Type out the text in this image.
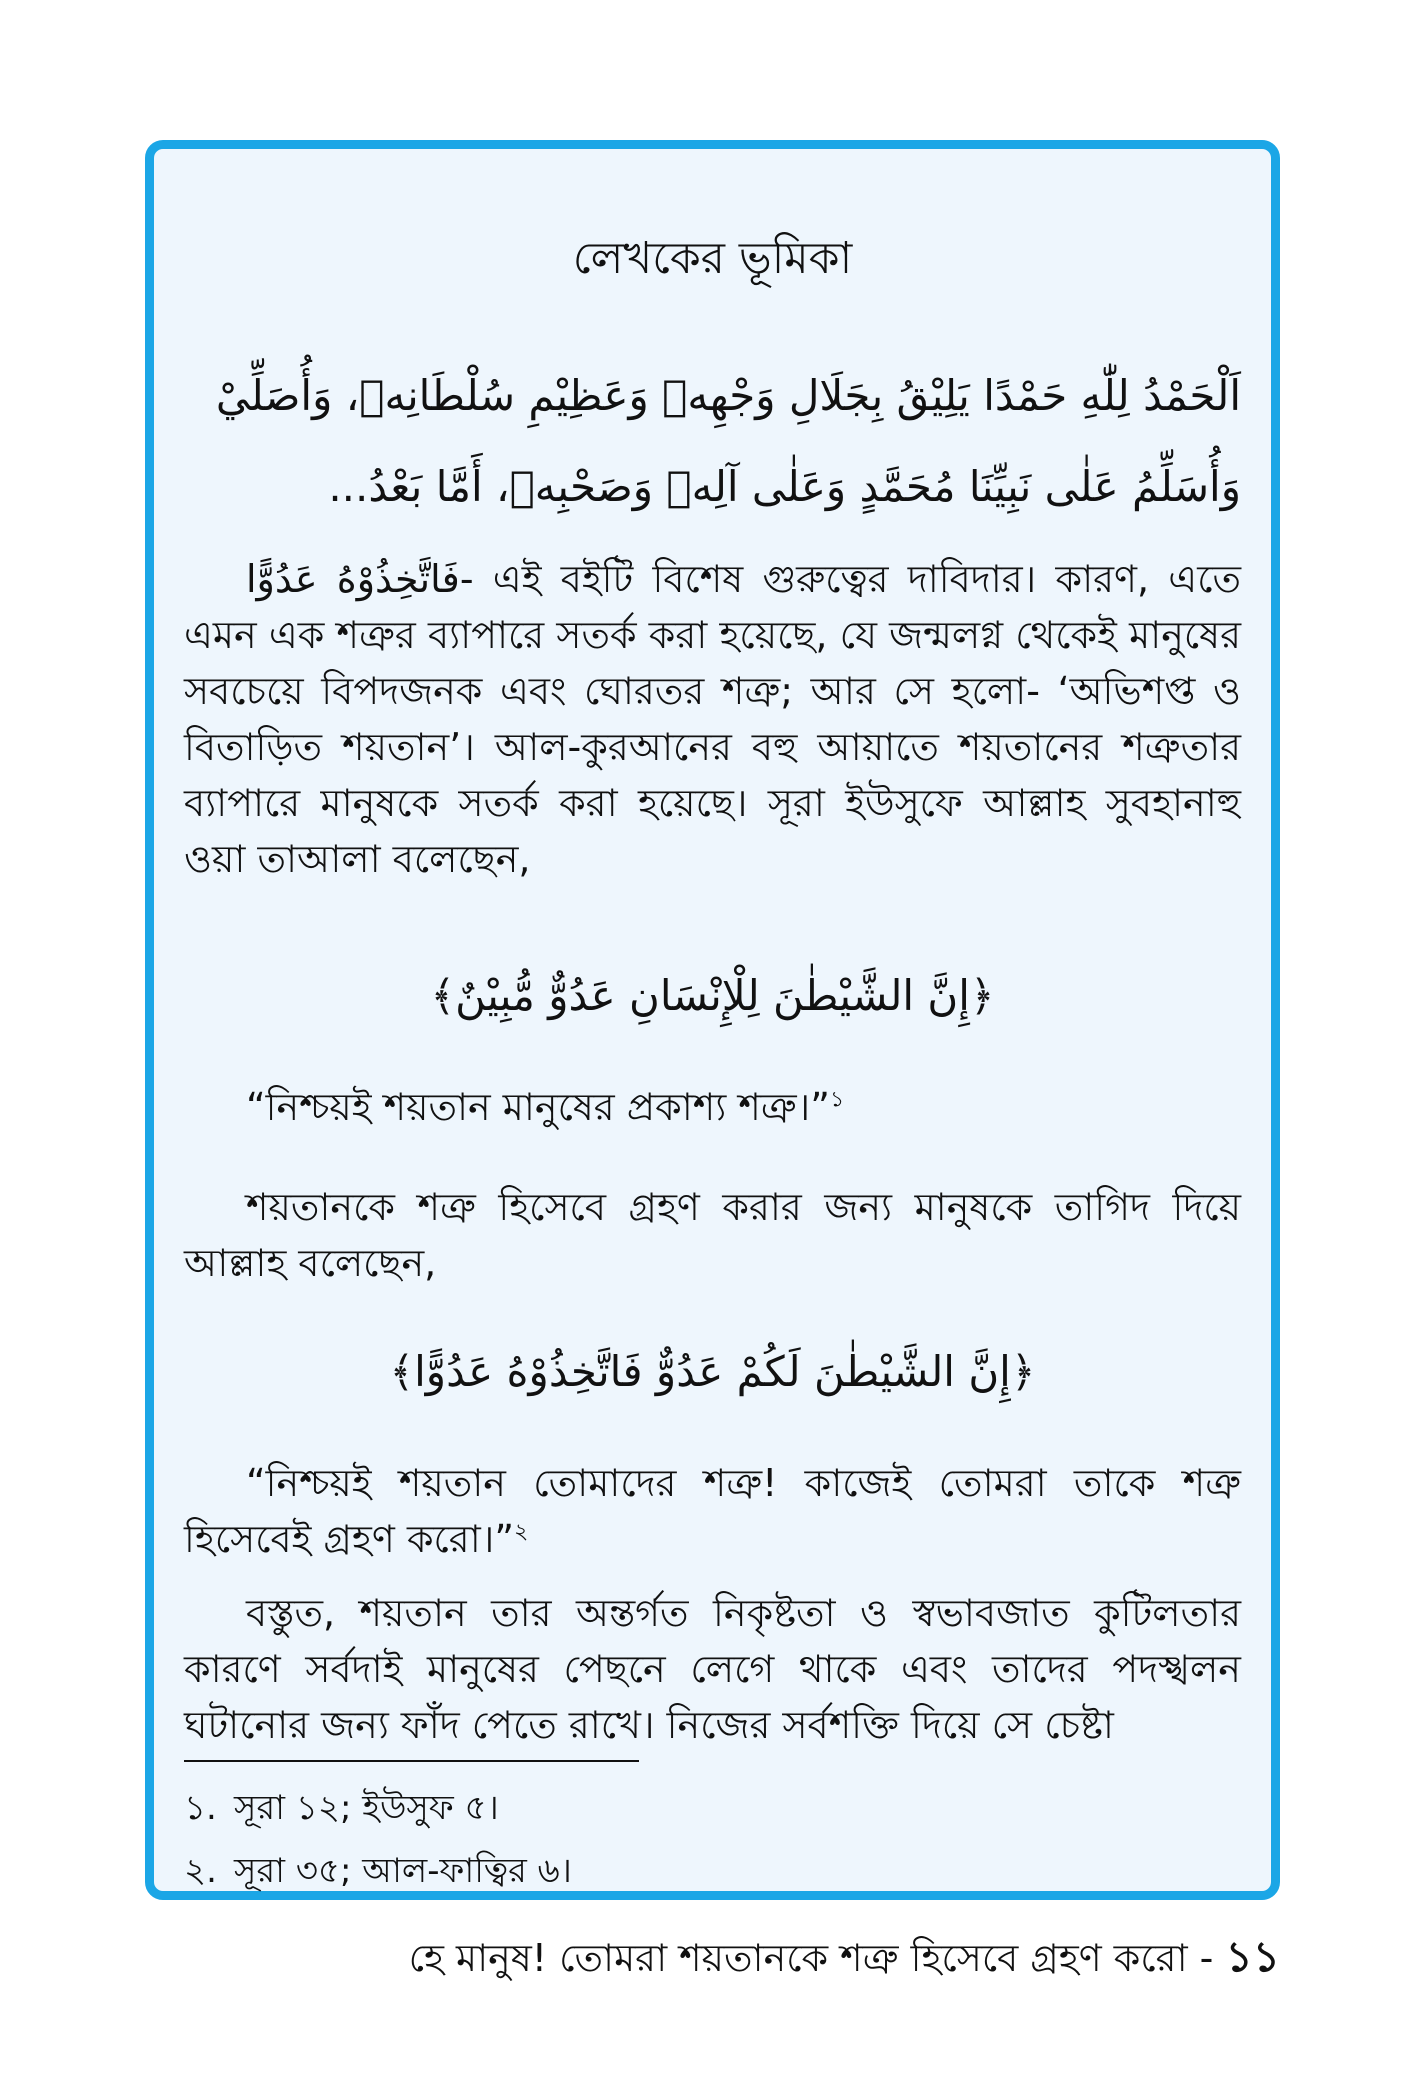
লেখকের ভূমিকা
اَلْحَمْدُ لِلّٰهِ حَمْدًا يَلِيْقُ بِجَلَالِ وَجْهِهٖ وَعَظِيْمِ سُلْطَانِهٖ، وَأُصَلِّيْ
وَأُسَلِّمُ عَلٰى نَبِيِّنَا مُحَمَّدٍ وَعَلٰى آلِهٖ وَصَحْبِهٖ، أَمَّا بَعْدُ...
فَاتَّخِذُوْهُ عَدُوًّا- এই বইটি বিশেষ গুরুত্বের দাবিদার। কারণ, এতে এমন এক শত্রুর ব্যাপারে সতর্ক করা হয়েছে, যে জন্মলগ্ন থেকেই মানুষের সবচেয়ে বিপদজনক এবং ঘোরতর শত্রু; আর সে হলো- ‘অভিশপ্ত ও বিতাড়িত শয়তান’। আল-কুরআনের বহু আয়াতে শয়তানের শত্রুতার ব্যাপারে মানুষকে সতর্ক করা হয়েছে। সূরা ইউসুফে আল্লাহ সুবহানাহু ওয়া তাআলা বলেছেন,
﴿إِنَّ الشَّيْطٰنَ لِلْإِنْسَانِ عَدُوٌّ مُّبِيْنٌ﴾
“নিশ্চয়ই শয়তান মানুষের প্রকাশ্য শত্রু।”$^১$
শয়তানকে শত্রু হিসেবে গ্রহণ করার জন্য মানুষকে তাগিদ দিয়ে আল্লাহ বলেছেন,
﴿إِنَّ الشَّيْطٰنَ لَكُمْ عَدُوٌّ فَاتَّخِذُوْهُ عَدُوًّا﴾
“নিশ্চয়ই শয়তান তোমাদের শত্রু! কাজেই তোমরা তাকে শত্রু হিসেবেই গ্রহণ করো।”$^২$
বস্তুত, শয়তান তার অন্তর্গত নিকৃষ্টতা ও স্বভাবজাত কুটিলতার কারণে সর্বদাই মানুষের পেছনে লেগে থাকে এবং তাদের পদস্খলন ঘটানোর জন্য ফাঁদ পেতে রাখে। নিজের সর্বশক্তি দিয়ে সে চেষ্টা
১. সূরা ১২; ইউসুফ ৫।
২. সূরা ৩৫; আল-ফাত্বির ৬।
হে মানুষ! তোমরা শয়তানকে শত্রু হিসেবে গ্রহণ করো - ১১
